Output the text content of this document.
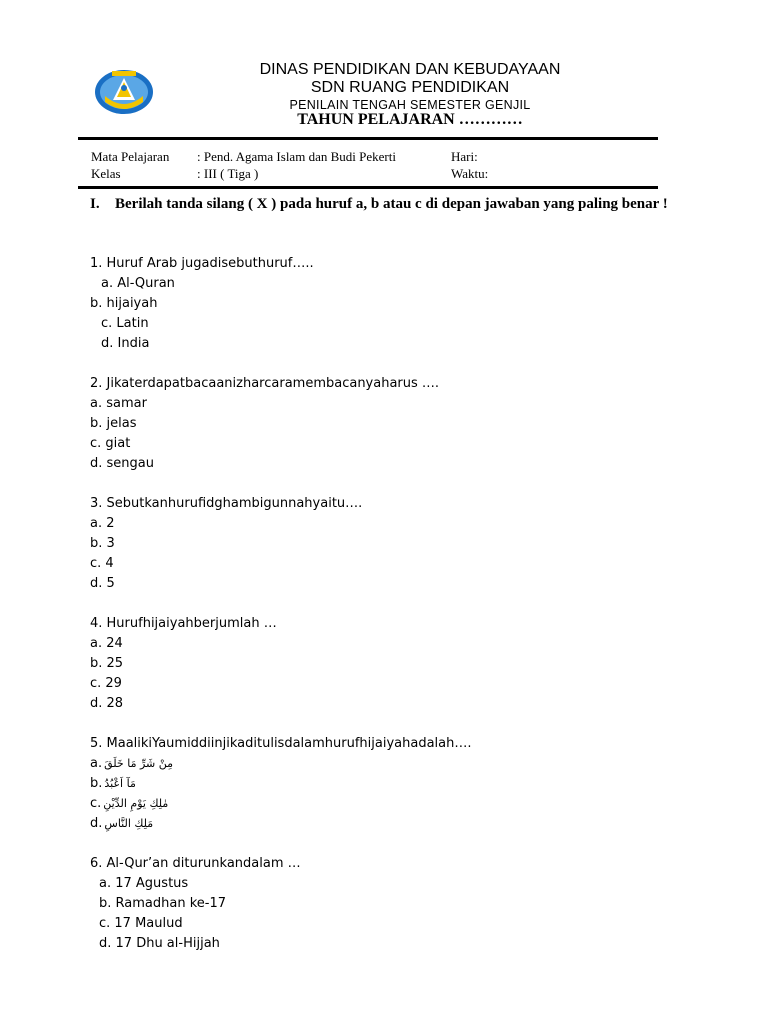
DINAS PENDIDIKAN DAN KEBUDAYAAN
SDN RUANG PENDIDIKAN
PENILAIN TENGAH SEMESTER GENJIL
TAHUN PELAJARAN …………
Mata Pelajaran : Pend. Agama Islam dan Budi Pekerti	Hari:
Kelas	: III ( Tiga )	Waktu:
I. Berilah tanda silang ( X ) pada huruf a, b atau c di depan jawaban yang paling benar !
1. Huruf Arab jugadisebuthuruf…..
a. Al-Quran
b. hijaiyah
c. Latin
d. India
2. Jikaterdapatbacaanizharcaramembacanyaharus ….
a. samar
b. jelas
c. giat
d. sengau
3. Sebutkanhurufidghambigunnahyaitu….
a. 2
b. 3
c. 4
d. 5
4. Hurufhijaiyahberjumlah …
a. 24
b. 25
c. 29
d. 28
5. MaalikiYaumiddiinjikaditulisdalamhurufhijaiyahadalah….
a. مِنْ شَرِّ مَا خَلَقَ
b. مَآ اَعْبُدُ
c. مٰلِكِ يَوْمِ الدِّيْنِ
d. مَلِكِ النَّاسِ
6. Al-Qur’an diturunkandalam …
a. 17 Agustus
b. Ramadhan ke-17
c. 17 Maulud
d. 17 Dhu al-Hijjah
